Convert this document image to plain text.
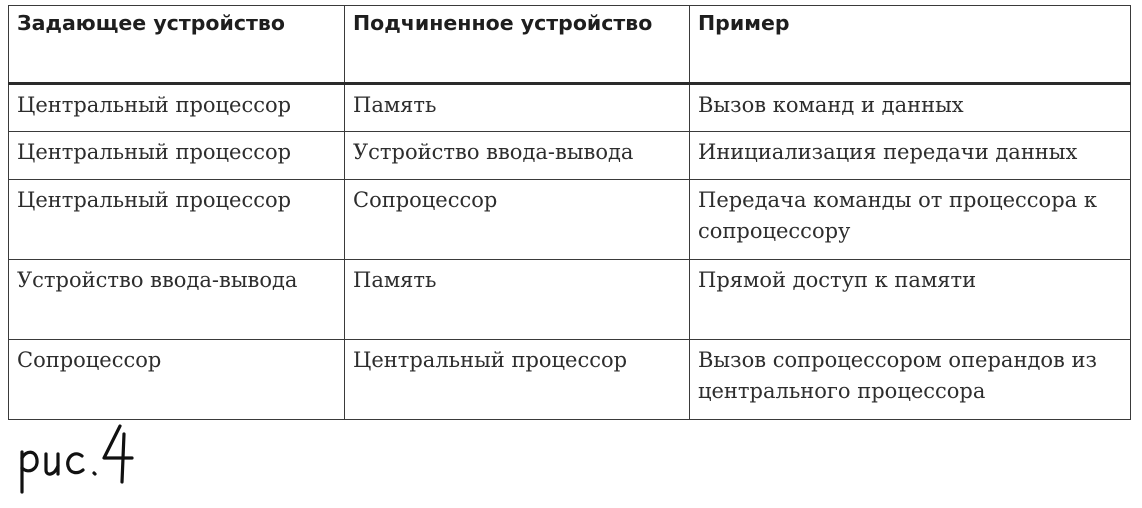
Задающее устройство	Подчиненное устройство	Пример
Центральный процессор	Память	Вызов команд и данных
Центральный процессор	Устройство ввода-вывода	Инициализация передачи данных
Центральный процессор	Сопроцессор	Передача команды от процессора к сопроцессору
Устройство ввода-вывода	Память	Прямой доступ к памяти
Сопроцессор	Центральный процессор	Вызов сопроцессором операндов из центрального процессора
